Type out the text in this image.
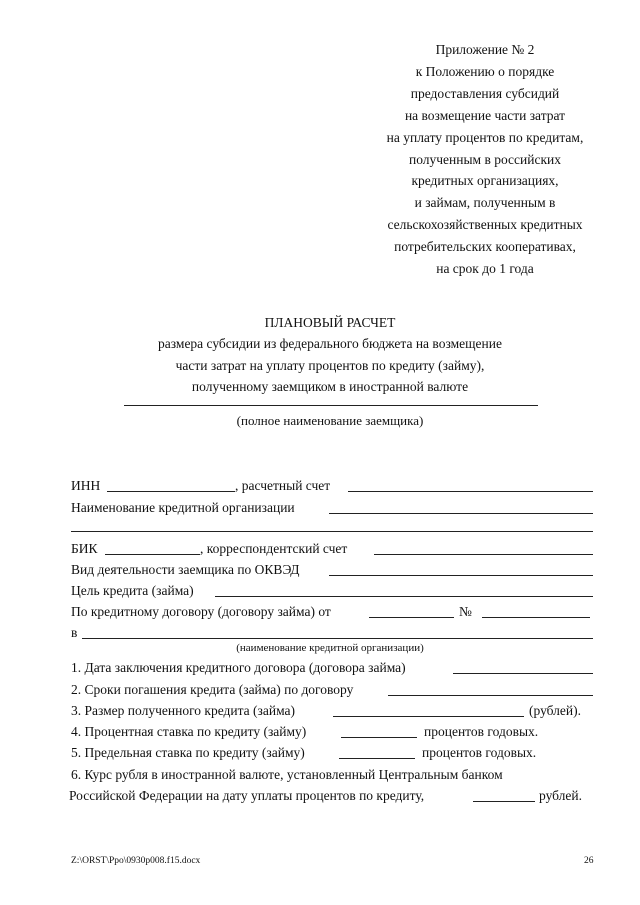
Приложение № 2
к Положению о порядке
предоставления субсидий
на возмещение части затрат
на уплату процентов по кредитам,
полученным в российских
кредитных организациях,
и займам, полученным в
сельскохозяйственных кредитных
потребительских кооперативах,
на срок до 1 года
ПЛАНОВЫЙ РАСЧЕТ
размера субсидии из федерального бюджета на возмещение
части затрат на уплату процентов по кредиту (займу),
полученному заемщиком в иностранной валюте
(полное наименование заемщика)
ИНН	, расчетный счет
Наименование кредитной организации
БИК	, корреспондентский счет
Вид деятельности заемщика по ОКВЭД
Цель кредита (займа)
По кредитному договору (договору займа) от	№
в
(наименование кредитной организации)
1. Дата заключения кредитного договора (договора займа)
2. Сроки погашения кредита (займа) по договору
3. Размер полученного кредита (займа)	(рублей).
4. Процентная ставка по кредиту (займу)	процентов годовых.
5. Предельная ставка по кредиту (займу)	процентов годовых.
6. Курс рубля в иностранной валюте, установленный Центральным банком
Российской Федерации на дату уплаты процентов по кредиту,	рублей.
Z:\ORST\Ppo\0930p008.f15.docx	26
